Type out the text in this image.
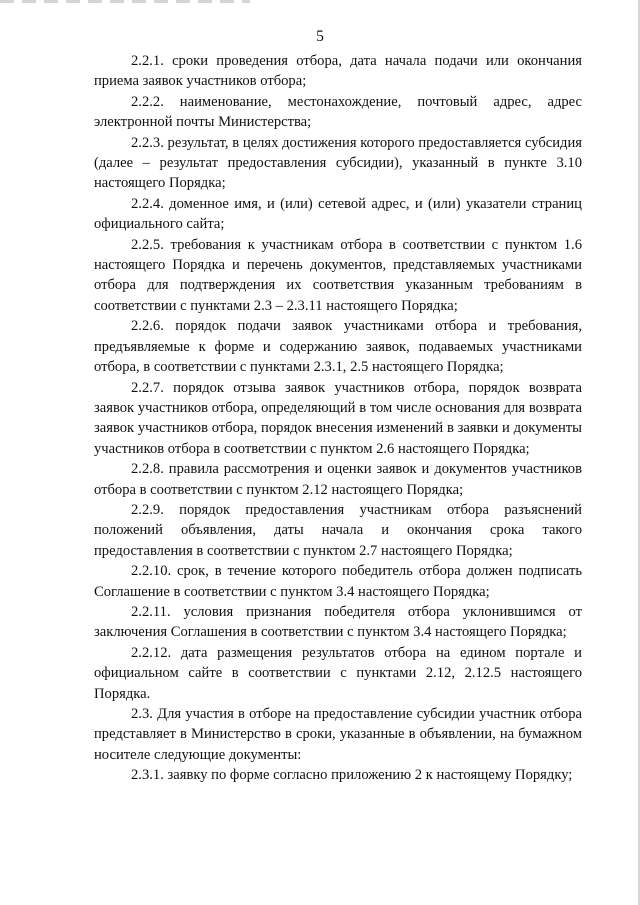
5

2.2.1. сроки проведения отбора, дата начала подачи или окончания приема заявок участников отбора;

2.2.2. наименование, местонахождение, почтовый адрес, адрес электронной почты Министерства;

2.2.3. результат, в целях достижения которого предоставляется субсидия (далее – результат предоставления субсидии), указанный в пункте 3.10 настоящего Порядка;

2.2.4. доменное имя, и (или) сетевой адрес, и (или) указатели страниц официального сайта;

2.2.5. требования к участникам отбора в соответствии с пунктом 1.6 настоящего Порядка и перечень документов, представляемых участниками отбора для подтверждения их соответствия указанным требованиям в соответствии с пунктами 2.3 – 2.3.11 настоящего Порядка;

2.2.6. порядок подачи заявок участниками отбора и требования, предъявляемые к форме и содержанию заявок, подаваемых участниками отбора, в соответствии с пунктами 2.3.1, 2.5 настоящего Порядка;

2.2.7. порядок отзыва заявок участников отбора, порядок возврата заявок участников отбора, определяющий в том числе основания для возврата заявок участников отбора, порядок внесения изменений в заявки и документы участников отбора в соответствии с пунктом 2.6 настоящего Порядка;

2.2.8. правила рассмотрения и оценки заявок и документов участников отбора в соответствии с пунктом 2.12 настоящего Порядка;

2.2.9. порядок предоставления участникам отбора разъяснений положений объявления, даты начала и окончания срока такого предоставления в соответствии с пунктом 2.7 настоящего Порядка;

2.2.10. срок, в течение которого победитель отбора должен подписать Соглашение в соответствии с пунктом 3.4 настоящего Порядка;

2.2.11. условия признания победителя отбора уклонившимся от заключения Соглашения в соответствии с пунктом 3.4 настоящего Порядка;

2.2.12. дата размещения результатов отбора на едином портале и официальном сайте в соответствии с пунктами 2.12, 2.12.5 настоящего Порядка.

2.3. Для участия в отборе на предоставление субсидии участник отбора представляет в Министерство в сроки, указанные в объявлении, на бумажном носителе следующие документы:

2.3.1. заявку по форме согласно приложению 2 к настоящему Порядку;
